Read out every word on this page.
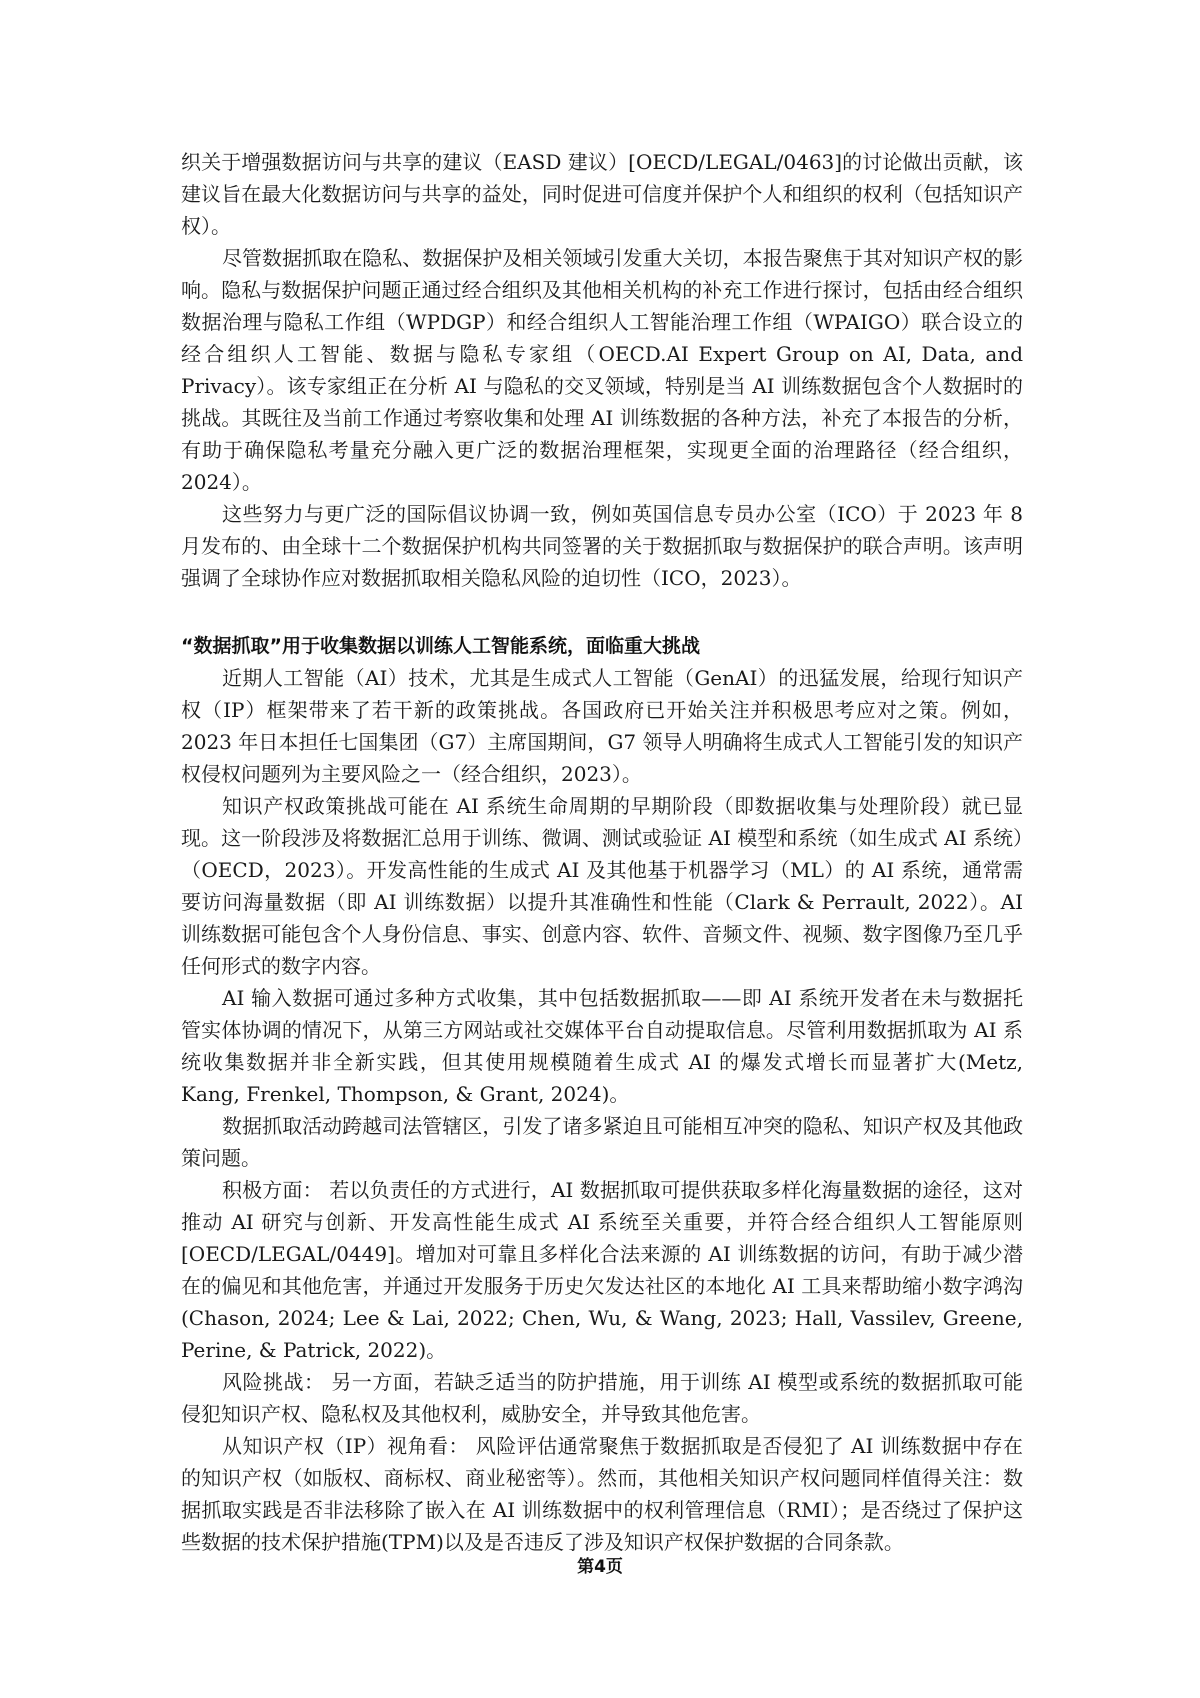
织关于增强数据访问与共享的建议（EASD 建议）[OECD/LEGAL/0463]的讨论做出贡献，该建议旨在最大化数据访问与共享的益处，同时促进可信度并保护个人和组织的权利（包括知识产权）。

尽管数据抓取在隐私、数据保护及相关领域引发重大关切，本报告聚焦于其对知识产权的影响。隐私与数据保护问题正通过经合组织及其他相关机构的补充工作进行探讨，包括由经合组织数据治理与隐私工作组（WPDGP）和经合组织人工智能治理工作组（WPAIGO）联合设立的经合组织人工智能、数据与隐私专家组（OECD.AI Expert Group on AI, Data, and Privacy）。该专家组正在分析 AI 与隐私的交叉领域，特别是当 AI 训练数据包含个人数据时的挑战。其既往及当前工作通过考察收集和处理 AI 训练数据的各种方法，补充了本报告的分析，有助于确保隐私考量充分融入更广泛的数据治理框架，实现更全面的治理路径（经合组织，2024）。

这些努力与更广泛的国际倡议协调一致，例如英国信息专员办公室（ICO）于 2023 年 8 月发布的、由全球十二个数据保护机构共同签署的关于数据抓取与数据保护的联合声明。该声明强调了全球协作应对数据抓取相关隐私风险的迫切性（ICO，2023）。

“数据抓取”用于收集数据以训练人工智能系统，面临重大挑战

近期人工智能（AI）技术，尤其是生成式人工智能（GenAI）的迅猛发展，给现行知识产权（IP）框架带来了若干新的政策挑战。各国政府已开始关注并积极思考应对之策。例如，2023 年日本担任七国集团（G7）主席国期间，G7 领导人明确将生成式人工智能引发的知识产权侵权问题列为主要风险之一（经合组织，2023）。

知识产权政策挑战可能在 AI 系统生命周期的早期阶段（即数据收集与处理阶段）就已显现。这一阶段涉及将数据汇总用于训练、微调、测试或验证 AI 模型和系统（如生成式 AI 系统）（OECD，2023）。开发高性能的生成式 AI 及其他基于机器学习（ML）的 AI 系统，通常需要访问海量数据（即 AI 训练数据）以提升其准确性和性能（Clark & Perrault, 2022）。AI 训练数据可能包含个人身份信息、事实、创意内容、软件、音频文件、视频、数字图像乃至几乎任何形式的数字内容。

AI 输入数据可通过多种方式收集，其中包括数据抓取——即 AI 系统开发者在未与数据托管实体协调的情况下，从第三方网站或社交媒体平台自动提取信息。尽管利用数据抓取为 AI 系统收集数据并非全新实践，但其使用规模随着生成式 AI 的爆发式增长而显著扩大(Metz, Kang, Frenkel, Thompson, & Grant, 2024)。

数据抓取活动跨越司法管辖区，引发了诸多紧迫且可能相互冲突的隐私、知识产权及其他政策问题。

积极方面： 若以负责任的方式进行，AI 数据抓取可提供获取多样化海量数据的途径，这对推动 AI 研究与创新、开发高性能生成式 AI 系统至关重要，并符合经合组织人工智能原则[OECD/LEGAL/0449]。增加对可靠且多样化合法来源的 AI 训练数据的访问，有助于减少潜在的偏见和其他危害，并通过开发服务于历史欠发达社区的本地化 AI 工具来帮助缩小数字鸿沟 (Chason, 2024; Lee & Lai, 2022; Chen, Wu, & Wang, 2023; Hall, Vassilev, Greene, Perine, & Patrick, 2022)。

风险挑战： 另一方面，若缺乏适当的防护措施，用于训练 AI 模型或系统的数据抓取可能侵犯知识产权、隐私权及其他权利，威胁安全，并导致其他危害。

从知识产权（IP）视角看： 风险评估通常聚焦于数据抓取是否侵犯了 AI 训练数据中存在的知识产权（如版权、商标权、商业秘密等）。然而，其他相关知识产权问题同样值得关注：数据抓取实践是否非法移除了嵌入在 AI 训练数据中的权利管理信息（RMI）；是否绕过了保护这些数据的技术保护措施(TPM)以及是否违反了涉及知识产权保护数据的合同条款。

第4页
